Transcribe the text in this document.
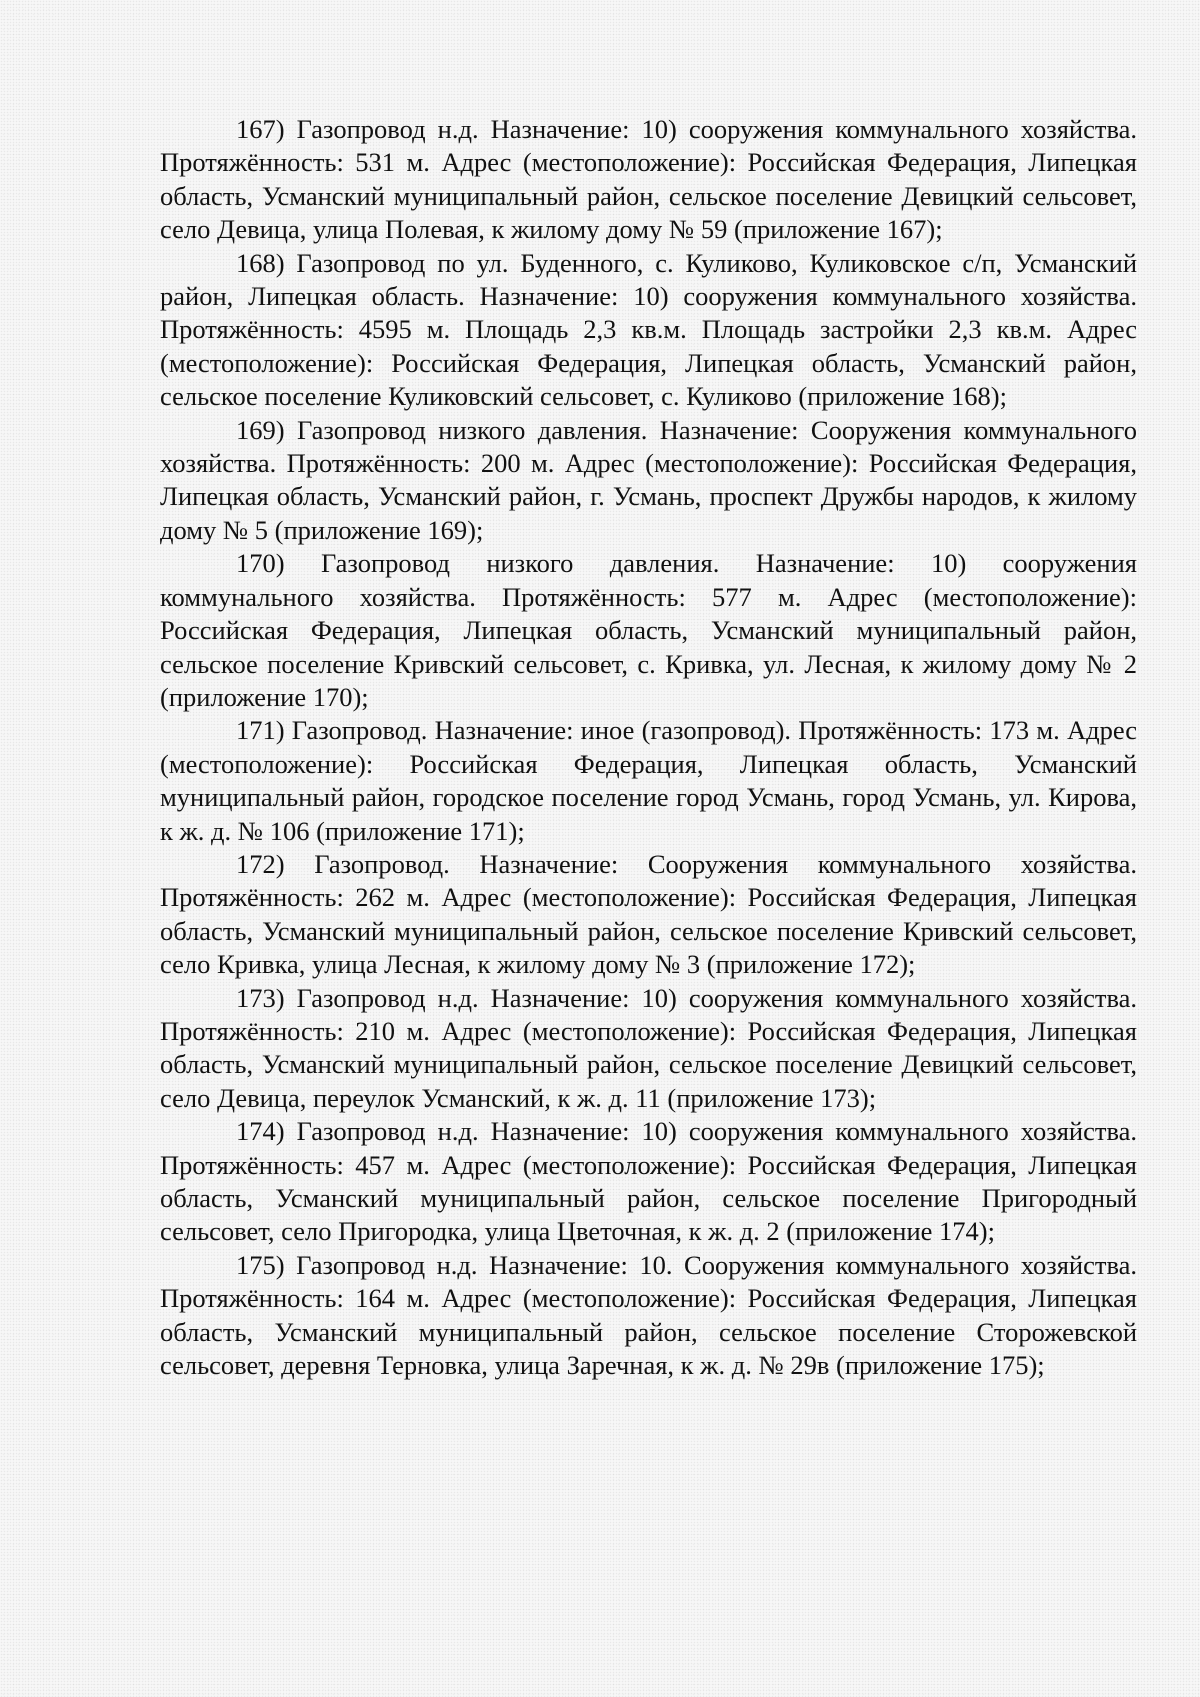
167) Газопровод н.д. Назначение: 10) сооружения коммунального хозяйства. Протяжённость: 531 м. Адрес (местоположение): Российская Федерация, Липецкая область, Усманский муниципальный район, сельское поселение Девицкий сельсовет, село Девица, улица Полевая, к жилому дому № 59 (приложение 167);

168) Газопровод по ул. Буденного, с. Куликово, Куликовское с/п, Усманский район, Липецкая область. Назначение: 10) сооружения коммунального хозяйства. Протяжённость: 4595 м. Площадь 2,3 кв.м. Площадь застройки 2,3 кв.м. Адрес (местоположение): Российская Федерация, Липецкая область, Усманский район, сельское поселение Куликовский сельсовет, с. Куликово (приложение 168);

169) Газопровод низкого давления. Назначение: Сооружения коммунального хозяйства. Протяжённость: 200 м. Адрес (местоположение): Российская Федерация, Липецкая область, Усманский район, г. Усмань, проспект Дружбы народов, к жилому дому № 5 (приложение 169);

170) Газопровод низкого давления. Назначение: 10) сооружения коммунального хозяйства. Протяжённость: 577 м. Адрес (местоположение): Российская Федерация, Липецкая область, Усманский муниципальный район, сельское поселение Кривский сельсовет, с. Кривка, ул. Лесная, к жилому дому № 2 (приложение 170);

171) Газопровод. Назначение: иное (газопровод). Протяжённость: 173 м. Адрес (местоположение): Российская Федерация, Липецкая область, Усманский муниципальный район, городское поселение город Усмань, город Усмань, ул. Кирова, к ж. д. № 106 (приложение 171);

172) Газопровод. Назначение: Сооружения коммунального хозяйства. Протяжённость: 262 м. Адрес (местоположение): Российская Федерация, Липецкая область, Усманский муниципальный район, сельское поселение Кривский сельсовет, село Кривка, улица Лесная, к жилому дому № 3 (приложение 172);

173) Газопровод н.д. Назначение: 10) сооружения коммунального хозяйства. Протяжённость: 210 м. Адрес (местоположение): Российская Федерация, Липецкая область, Усманский муниципальный район, сельское поселение Девицкий сельсовет, село Девица, переулок Усманский, к ж. д. 11 (приложение 173);

174) Газопровод н.д. Назначение: 10) сооружения коммунального хозяйства. Протяжённость: 457 м. Адрес (местоположение): Российская Федерация, Липецкая область, Усманский муниципальный район, сельское поселение Пригородный сельсовет, село Пригородка, улица Цветочная, к ж. д. 2 (приложение 174);

175) Газопровод н.д. Назначение: 10. Сооружения коммунального хозяйства. Протяжённость: 164 м. Адрес (местоположение): Российская Федерация, Липецкая область, Усманский муниципальный район, сельское поселение Сторожевской сельсовет, деревня Терновка, улица Заречная, к ж. д. № 29в (приложение 175);
